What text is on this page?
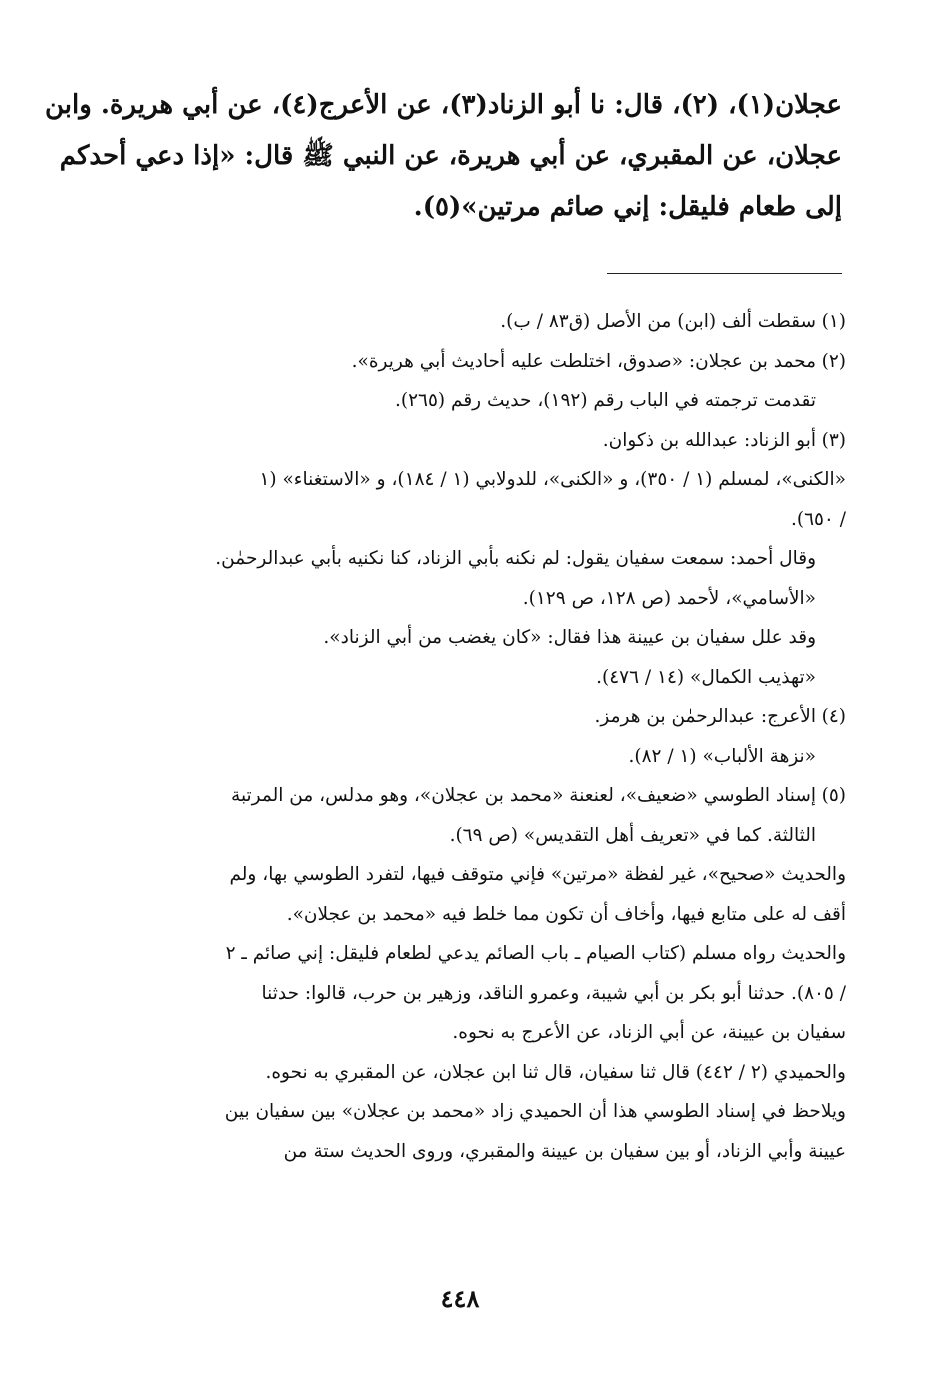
عجلان(١)، (٢)، قال: نا أبو الزناد(٣)، عن الأعرج(٤)، عن أبي هريرة. وابن
عجلان، عن المقبري، عن أبي هريرة، عن النبي ﷺ قال: «إذا دعي أحدكم
إلى طعام فليقل: إني صائم مرتين»(٥).
(١)سقطت ألف (ابن) من الأصل (ق٨٣ / ب).
(٢)محمد بن عجلان: «صدوق، اختلطت عليه أحاديث أبي هريرة».
تقدمت ترجمته في الباب رقم (١٩٢)، حديث رقم (٢٦٥).
(٣)أبو الزناد: عبدالله بن ذكوان.
«الكنى»، لمسلم (١ / ٣٥٠)، و «الكنى»، للدولابي (١ / ١٨٤)، و «الاستغناء» (١
/ ٦٥٠).
وقال أحمد: سمعت سفيان يقول: لم نكنه بأبي الزناد، كنا نكنيه بأبي عبدالرحمٰن.
«الأسامي»، لأحمد (ص ١٢٨، ص ١٢٩).
وقد علل سفيان بن عيينة هذا فقال: «كان يغضب من أبي الزناد».
«تهذيب الكمال» (١٤ / ٤٧٦).
(٤)الأعرج: عبدالرحمٰن بن هرمز.
«نزهة الألباب» (١ / ٨٢).
(٥)إسناد الطوسي «ضعيف»، لعنعنة «محمد بن عجلان»، وهو مدلس، من المرتبة
الثالثة. كما في «تعريف أهل التقديس» (ص ٦٩).
والحديث «صحيح»، غير لفظة «مرتين» فإني متوقف فيها، لتفرد الطوسي بها، ولم
أقف له على متابع فيها، وأخاف أن تكون مما خلط فيه «محمد بن عجلان».
والحديث رواه مسلم (كتاب الصيام ـ باب الصائم يدعي لطعام فليقل: إني صائم ـ ٢
/ ٨٠٥). حدثنا أبو بكر بن أبي شيبة، وعمرو الناقد، وزهير بن حرب، قالوا: حدثنا
سفيان بن عيينة، عن أبي الزناد، عن الأعرج به نحوه.
والحميدي (٢ / ٤٤٢) قال ثنا سفيان، قال ثنا ابن عجلان، عن المقبري به نحوه.
ويلاحظ في إسناد الطوسي هذا أن الحميدي زاد «محمد بن عجلان» بين سفيان بين
عيينة وأبي الزناد، أو بين سفيان بن عيينة والمقبري، وروى الحديث ستة من
٤٤٨
